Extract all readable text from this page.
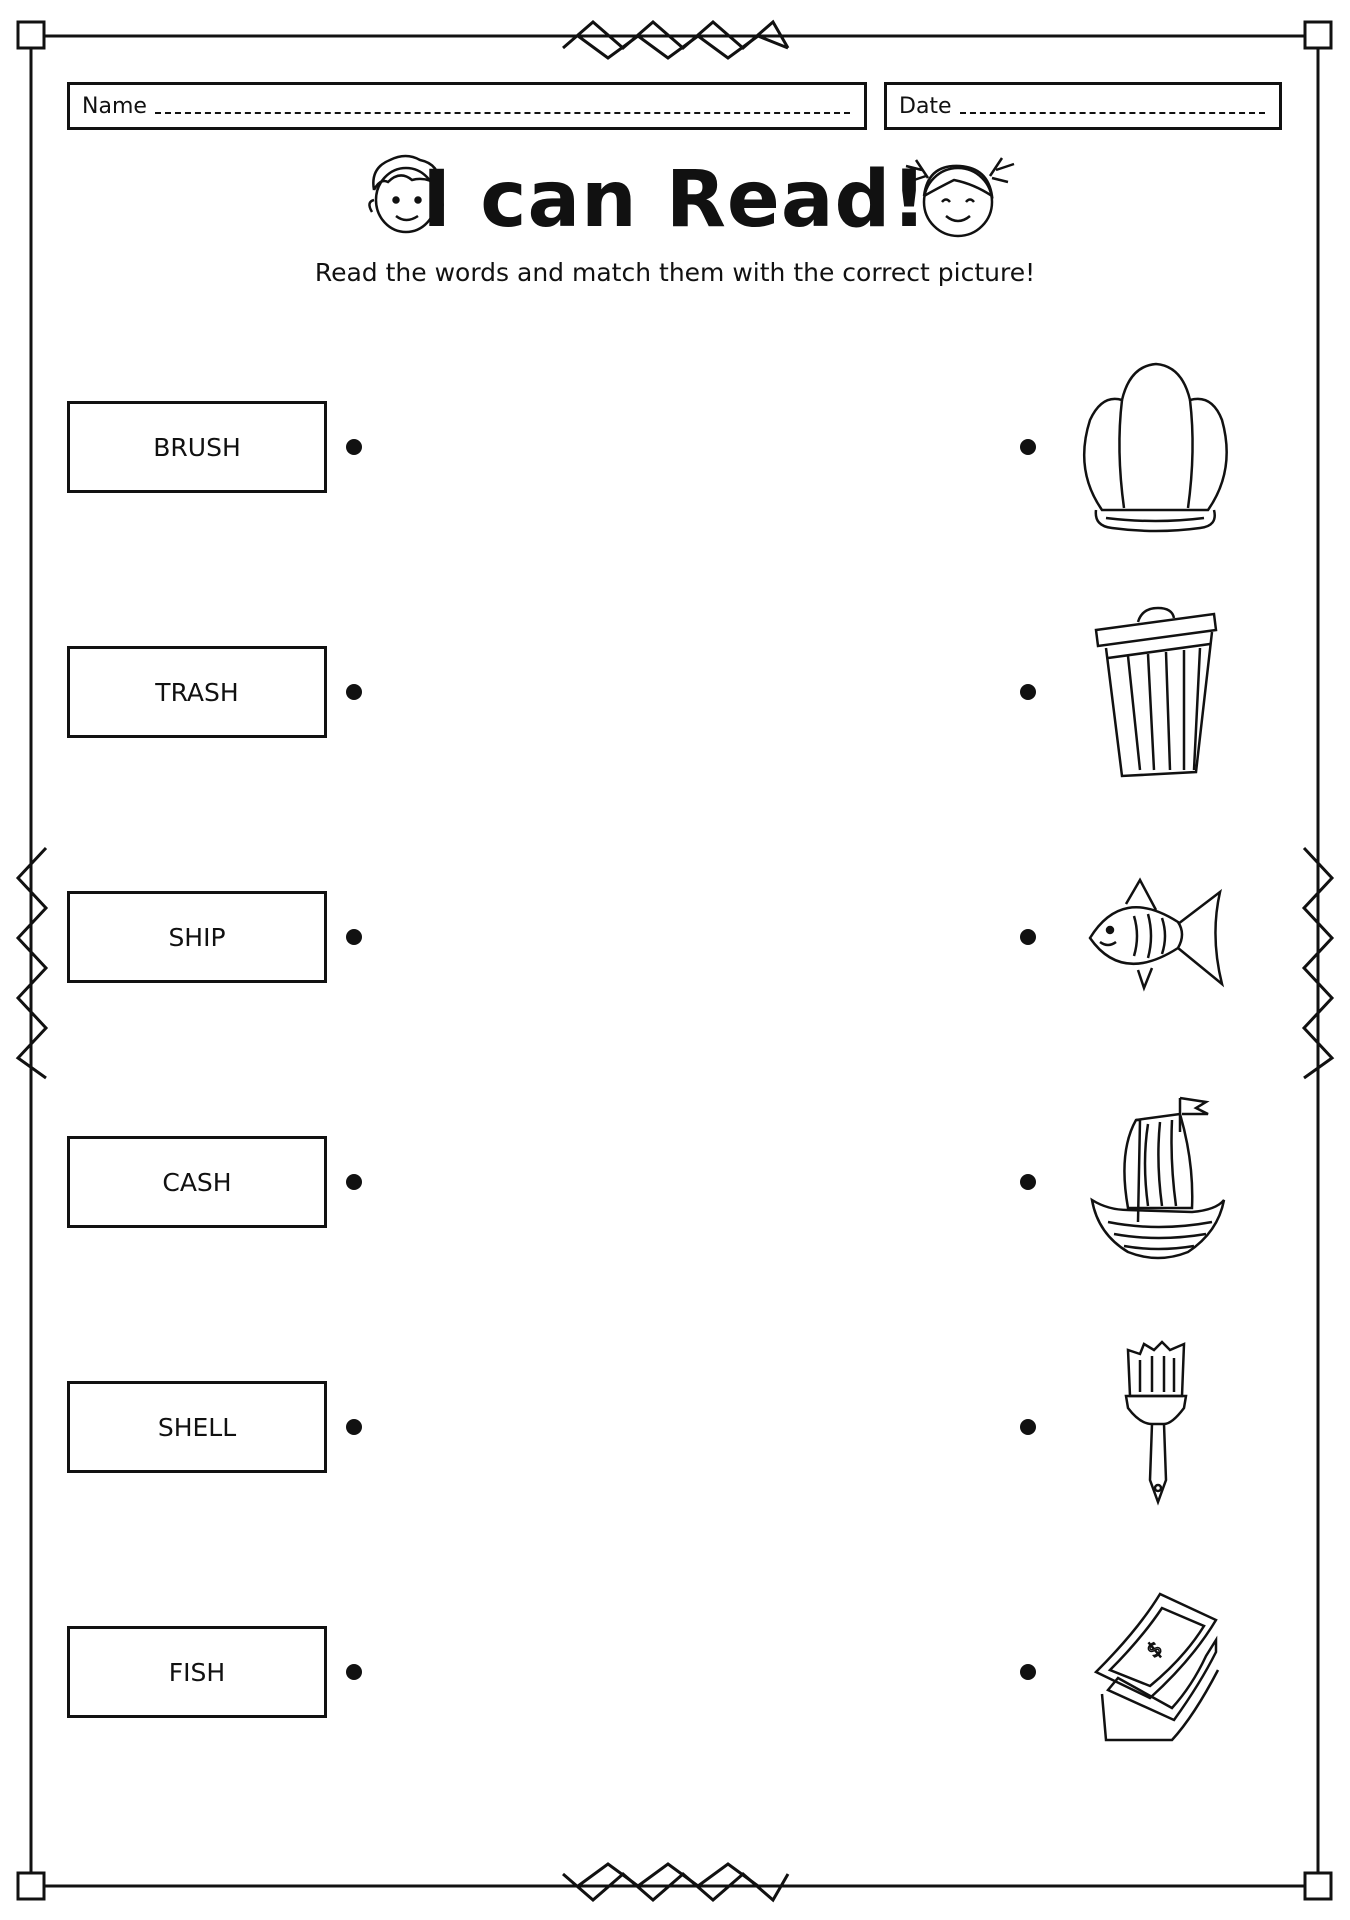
Name	Date
I can Read!
Read the words and match them with the correct picture!
BRUSH
TRASH
SHIP
CASH
SHELL
FISH
$
